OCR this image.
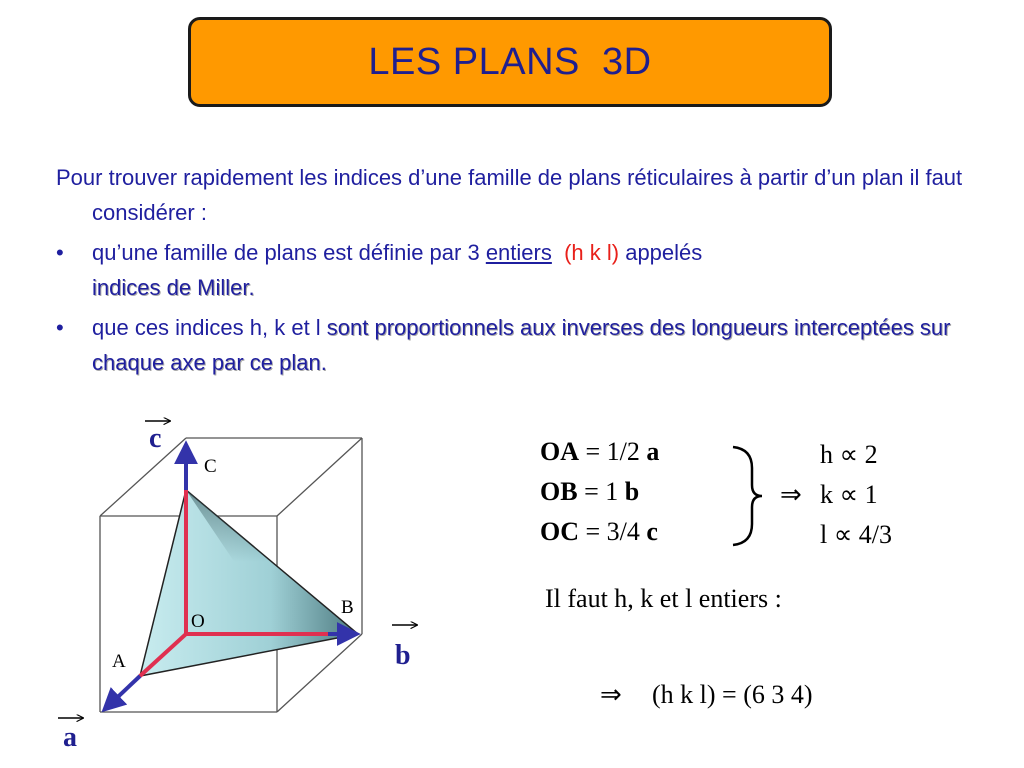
LES PLANS  3D
Pour trouver rapidement les indices d’une famille de plans réticulaires à partir d’un plan il faut considérer :
• qu’une famille de plans est définie par 3 entiers (h k l) appelés
indices de Miller.
• que ces indices h, k et l sont proportionnels aux inverses des longueurs interceptées sur chaque axe par ce plan.
c
b
a
C
B
O
A
OA = 1/2 a
OB = 1 b
OC = 3/4 c
h ∝ 2
⇒ k ∝ 1
l ∝ 4/3
Il faut h, k et l entiers :
⇒ (h k l) = (6 3 4)
